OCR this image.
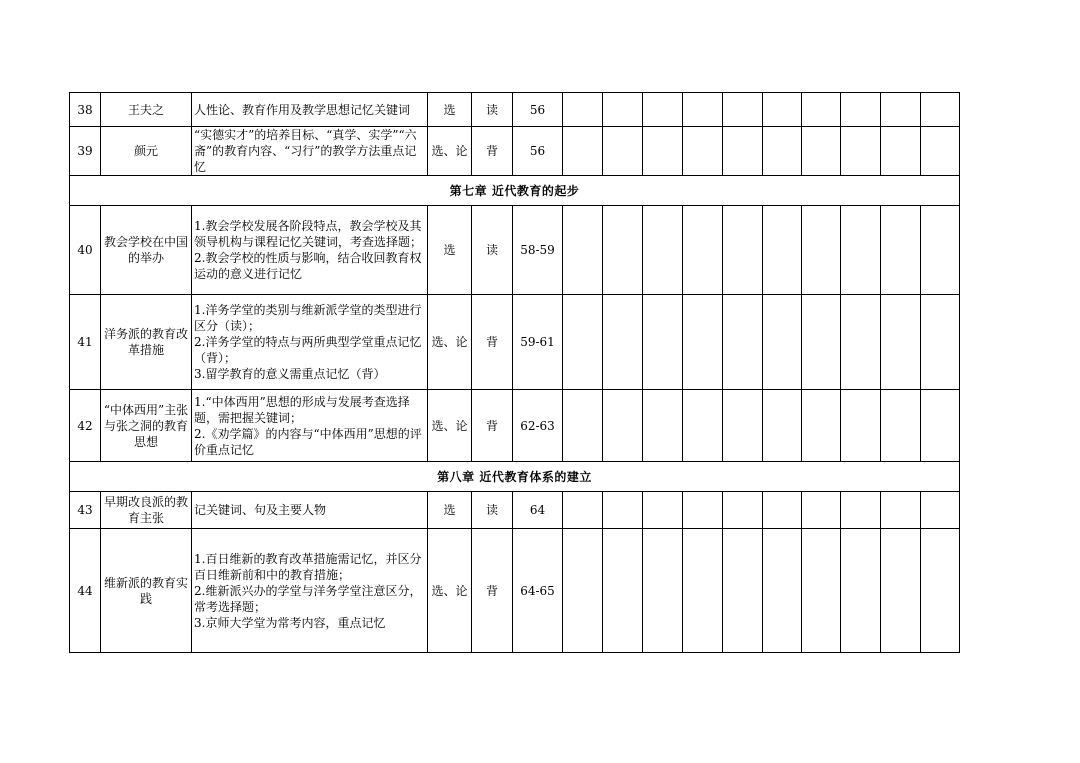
38	王夫之	人性论、教育作用及教学思想记忆关键词	选	读	56										
39	颜元	“实德实才”的培养目标、“真学、实学”“六斋”的教育内容、“习行”的教学方法重点记忆	选、论	背	56										
第七章 近代教育的起步															
40	教会学校在中国的举办	1.教会学校发展各阶段特点，教会学校及其领导机构与课程记忆关键词，考查选择题；
2.教会学校的性质与影响，结合收回教育权运动的意义进行记忆	选	读	58-59										
41	洋务派的教育改革措施	1.洋务学堂的类别与维新派学堂的类型进行区分（读）；
2.洋务学堂的特点与两所典型学堂重点记忆（背）；
3.留学教育的意义需重点记忆（背）	选、论	背	59-61										
42	“中体西用”主张与张之洞的教育思想	1.“中体西用”思想的形成与发展考查选择题，需把握关键词；
2.《劝学篇》的内容与“中体西用”思想的评价重点记忆	选、论	背	62-63										
第八章 近代教育体系的建立															
43	早期改良派的教育主张	记关键词、句及主要人物	选	读	64										
44	维新派的教育实践	1.百日维新的教育改革措施需记忆，并区分百日维新前和中的教育措施；
2.维新派兴办的学堂与洋务学堂注意区分，常考选择题；
3.京师大学堂为常考内容，重点记忆	选、论	背	64-65										
